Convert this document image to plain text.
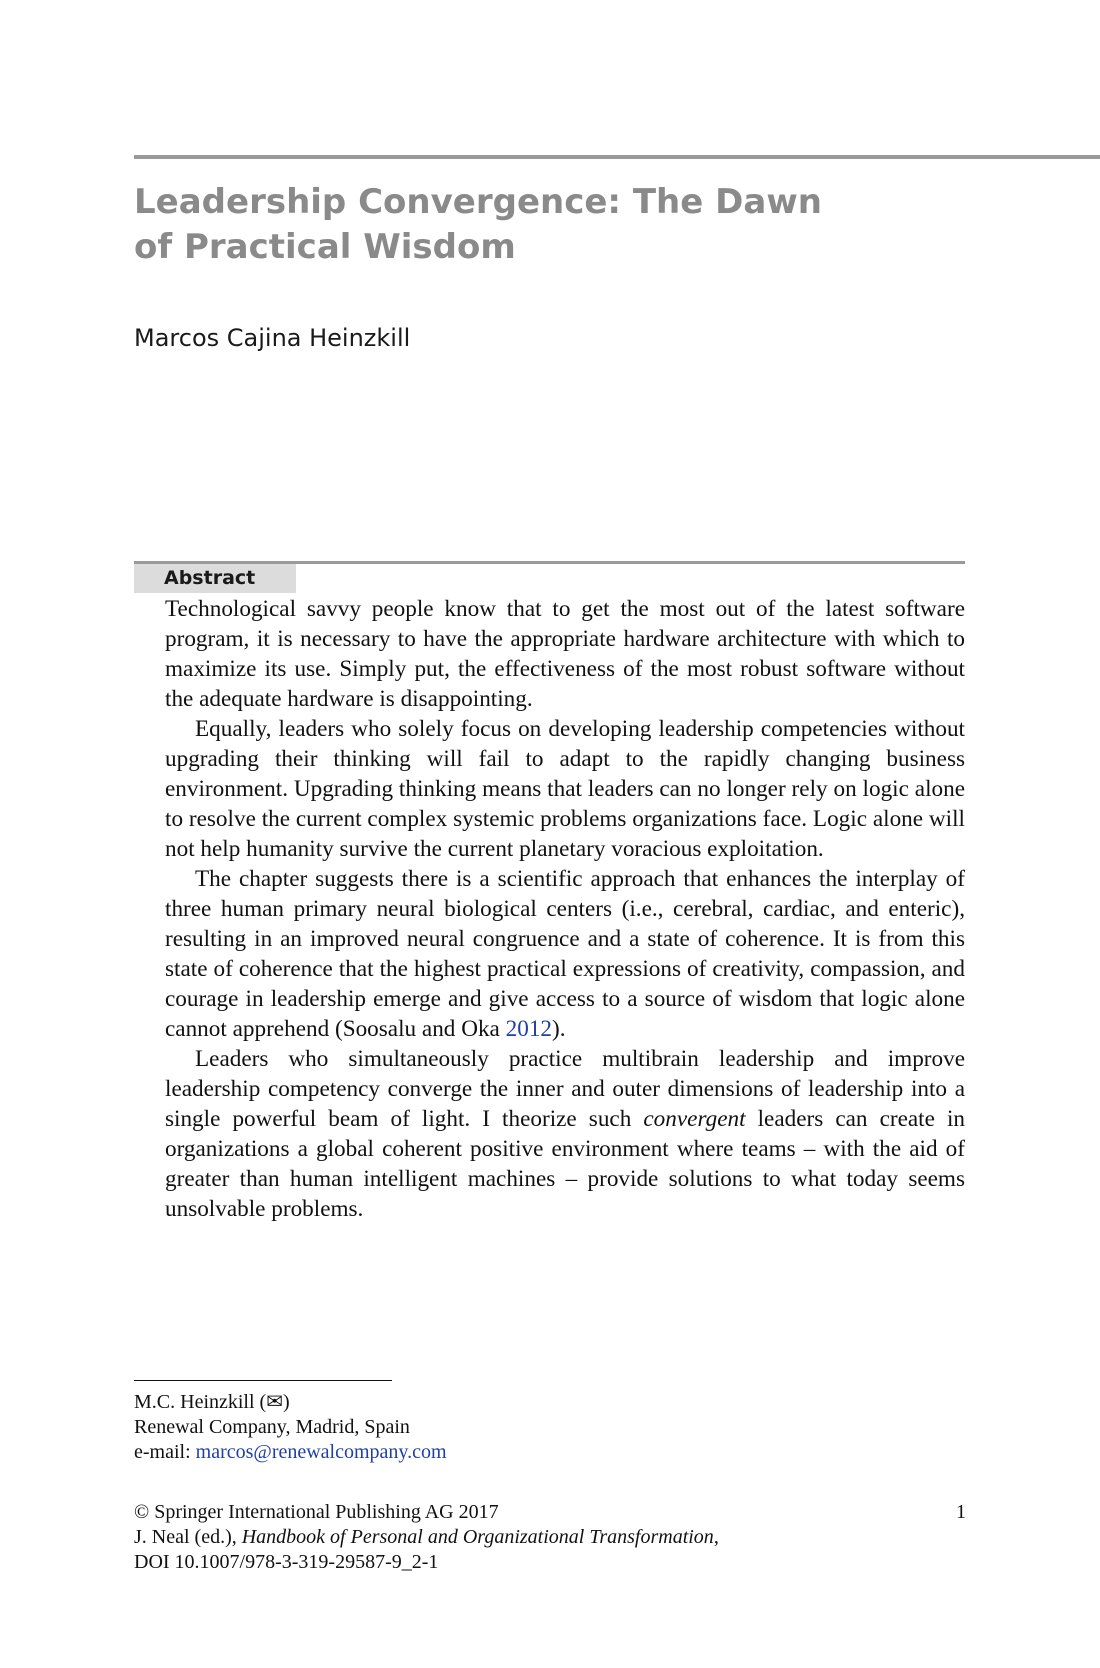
Leadership Convergence: The Dawn
of Practical Wisdom
Marcos Cajina Heinzkill
Abstract

Technological savvy people know that to get the most out of the latest software program, it is necessary to have the appropriate hardware architecture with which to maximize its use. Simply put, the effectiveness of the most robust software without the adequate hardware is disappointing.

Equally, leaders who solely focus on developing leadership competencies without upgrading their thinking will fail to adapt to the rapidly changing business environment. Upgrading thinking means that leaders can no longer rely on logic alone to resolve the current complex systemic problems organizations face. Logic alone will not help humanity survive the current planetary voracious exploitation.

The chapter suggests there is a scientific approach that enhances the interplay of three human primary neural biological centers (i.e., cerebral, cardiac, and enteric), resulting in an improved neural congruence and a state of coherence. It is from this state of coherence that the highest practical expressions of creativity, compassion, and courage in leadership emerge and give access to a source of wisdom that logic alone cannot apprehend (Soosalu and Oka 2012).

Leaders who simultaneously practice multibrain leadership and improve leadership competency converge the inner and outer dimensions of leadership into a single powerful beam of light. I theorize such convergent leaders can create in organizations a global coherent positive environment where teams – with the aid of greater than human intelligent machines – provide solutions to what today seems unsolvable problems.

M.C. Heinzkill (✉)
Renewal Company, Madrid, Spain
e-mail: marcos@renewalcompany.com
© Springer International Publishing AG 2017
J. Neal (ed.), Handbook of Personal and Organizational Transformation,
DOI 10.1007/978-3-319-29587-9_2-1
1
